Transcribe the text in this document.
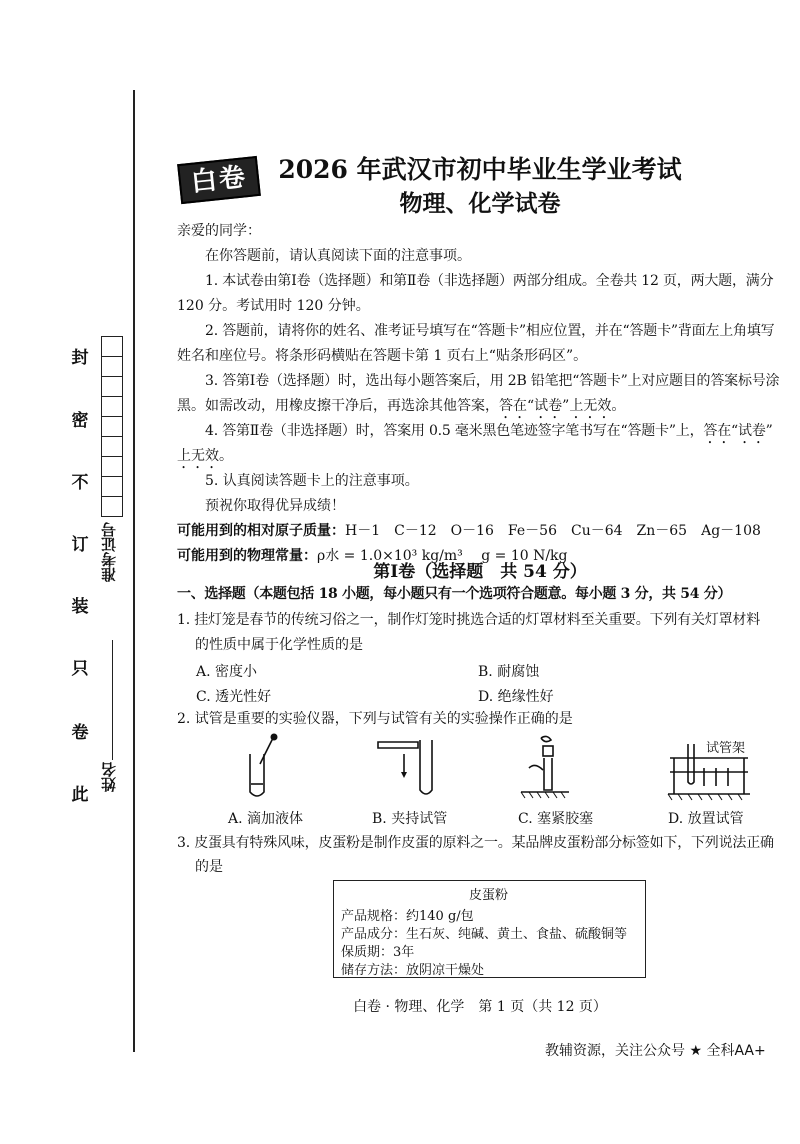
封
密
不
订
装
只
卷
此
准考证号
姓名
白卷	2026 年武汉市初中毕业生学业考试
物理、化学试卷
亲爱的同学：
在你答题前，请认真阅读下面的注意事项。
1. 本试卷由第Ⅰ卷（选择题）和第Ⅱ卷（非选择题）两部分组成。全卷共 12 页，两大题，满分
120 分。考试用时 120 分钟。
2. 答题前，请将你的姓名、准考证号填写在“答题卡”相应位置，并在“答题卡”背面左上角填写
姓名和座位号。将条形码横贴在答题卡第 1 页右上“贴条形码区”。
3. 答第Ⅰ卷（选择题）时，选出每小题答案后，用 2B 铅笔把“答题卡”上对应题目的答案标号涂
黑。如需改动，用橡皮擦干净后，再选涂其他答案，答在“试卷”上无效。
4. 答第Ⅱ卷（非选择题）时，答案用 0.5 毫米黑色笔迹签字笔书写在“答题卡”上，答在“试卷”
上无效。
5. 认真阅读答题卡上的注意事项。
预祝你取得优异成绩！
可能用到的相对原子质量：H－1　C－12　O－16　Fe－56　Cu－64　Zn－65　Ag－108
可能用到的物理常量：ρ水 = 1.0×10³ kg/m³　 g = 10 N/kg
第Ⅰ卷（选择题　共 54 分）
一、选择题（本题包括 18 小题，每小题只有一个选项符合题意。每小题 3 分，共 54 分）
1. 挂灯笼是春节的传统习俗之一，制作灯笼时挑选合适的灯罩材料至关重要。下列有关灯罩材料
的性质中属于化学性质的是
A. 密度小	B. 耐腐蚀
C. 透光性好	D. 绝缘性好
2. 试管是重要的实验仪器，下列与试管有关的实验操作正确的是
试管架
A. 滴加液体	B. 夹持试管	C. 塞紧胶塞	D. 放置试管
3. 皮蛋具有特殊风味，皮蛋粉是制作皮蛋的原料之一。某品牌皮蛋粉部分标签如下，下列说法正确
的是
皮蛋粉
产品规格：约140 g/包
产品成分：生石灰、纯碱、黄土、食盐、硫酸铜等
保质期：3年
储存方法：放阴凉干燥处
白卷 · 物理、化学　第 1 页（共 12 页）
教辅资源，关注公众号 ★ 全科AA+
